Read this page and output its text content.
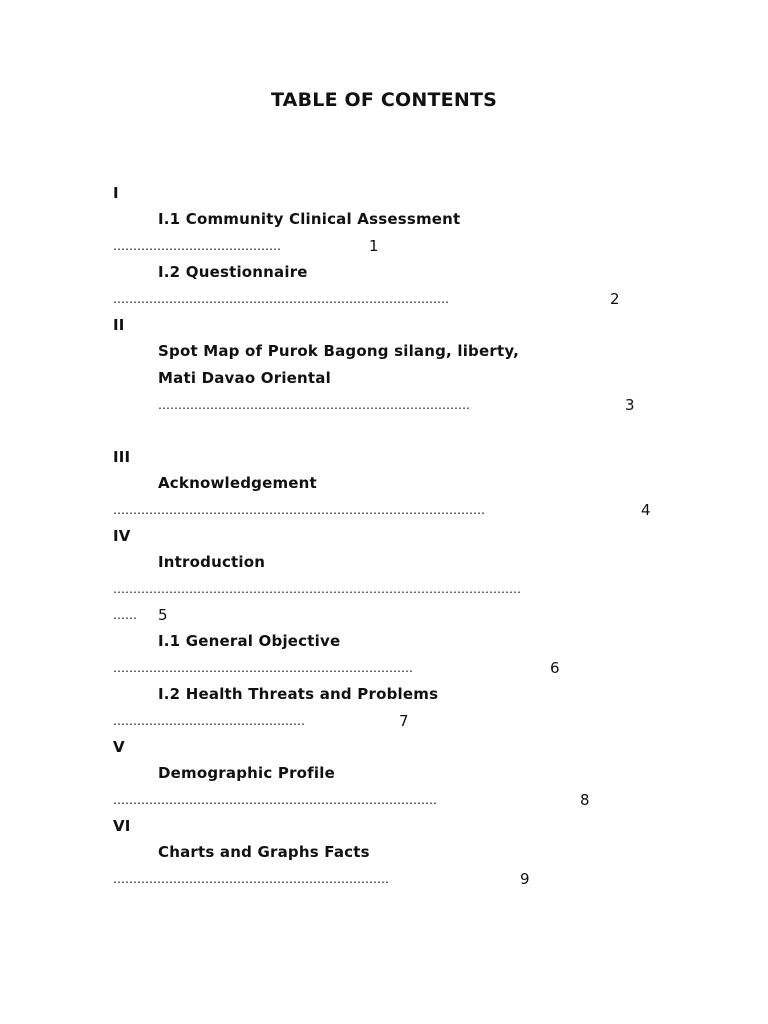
TABLE OF CONTENTS
I
I.1 Community Clinical Assessment
……………………………………	1
I.2 Questionnaire
…………………………………………………………………………	2
II
Spot Map of Purok Bagong silang, liberty,
Mati Davao Oriental
……………………………………………………………………	3
III
Acknowledgement
…………………………………………………………………………………	4
IV
Introduction
…………………………………………………………………………………………
…… 5
I.1 General Objective
…………………………………………………………………	6
I.2 Health Threats and Problems
…………………………………………	7
V
Demographic Profile
………………………………………………………………………	8
VI
Charts and Graphs Facts
……………………………………………………………	9
